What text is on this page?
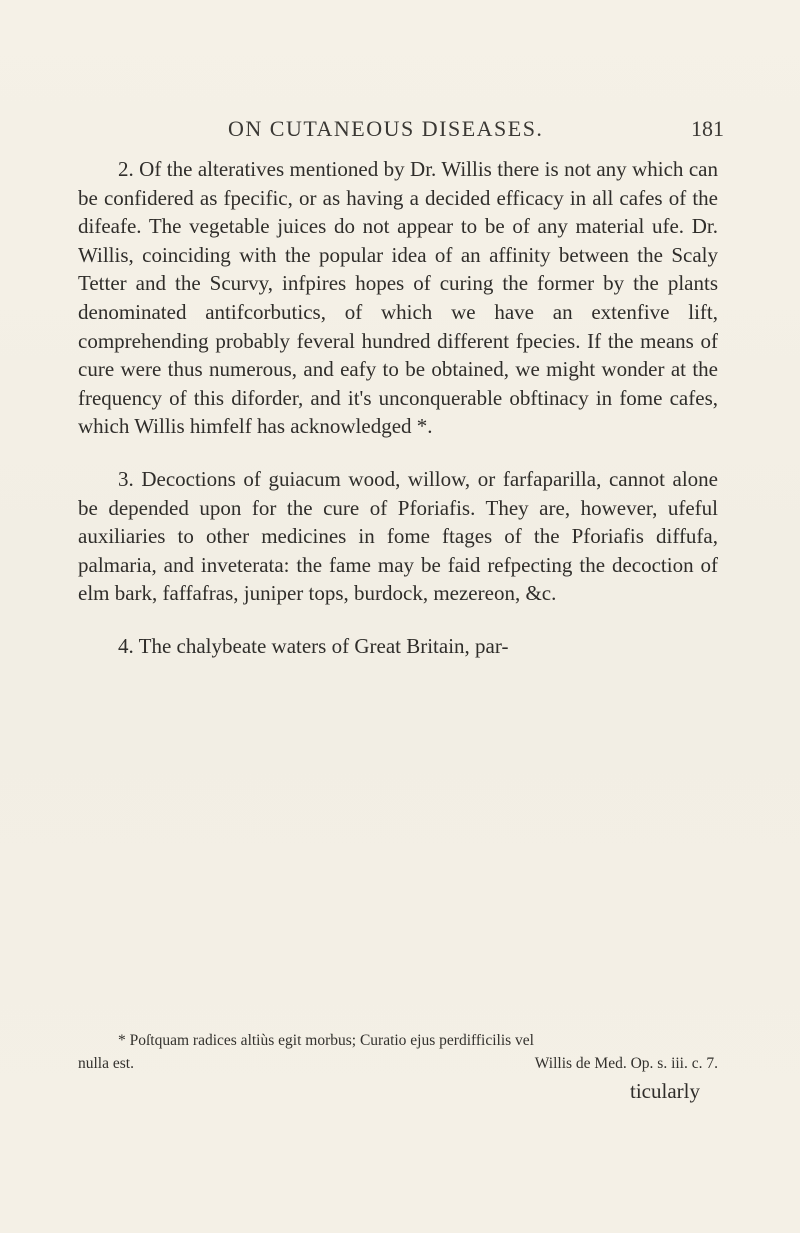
ON CUTANEOUS DISEASES.	181

2. Of the alteratives mentioned by Dr. Willis there is not any which can be confidered as fpecific, or as having a decided efficacy in all cafes of the difeafe. The vegetable juices do not appear to be of any material ufe. Dr. Willis, coinciding with the popular idea of an affinity between the Scaly Tetter and the Scurvy, infpires hopes of curing the former by the plants denominated antifcorbutics, of which we have an extenfive lift, comprehending probably feveral hundred different fpecies. If the means of cure were thus numerous, and eafy to be obtained, we might wonder at the frequency of this diforder, and it's unconquerable obftinacy in fome cafes, which Willis himfelf has acknowledged *.

3. Decoctions of guiacum wood, willow, or farfaparilla, cannot alone be depended upon for the cure of Pforiafis. They are, however, ufeful auxiliaries to other medicines in fome ftages of the Pforiafis diffufa, palmaria, and inveterata: the fame may be faid refpecting the decoction of elm bark, faffafras, juniper tops, burdock, mezereon, &c.

4. The chalybeate waters of Great Britain, par-

* Poſtquam radices altiùs egit morbus; Curatio ejus perdifficilis vel
nulla est.	Willis de Med. Op. s. iii. c. 7.
ticularly
